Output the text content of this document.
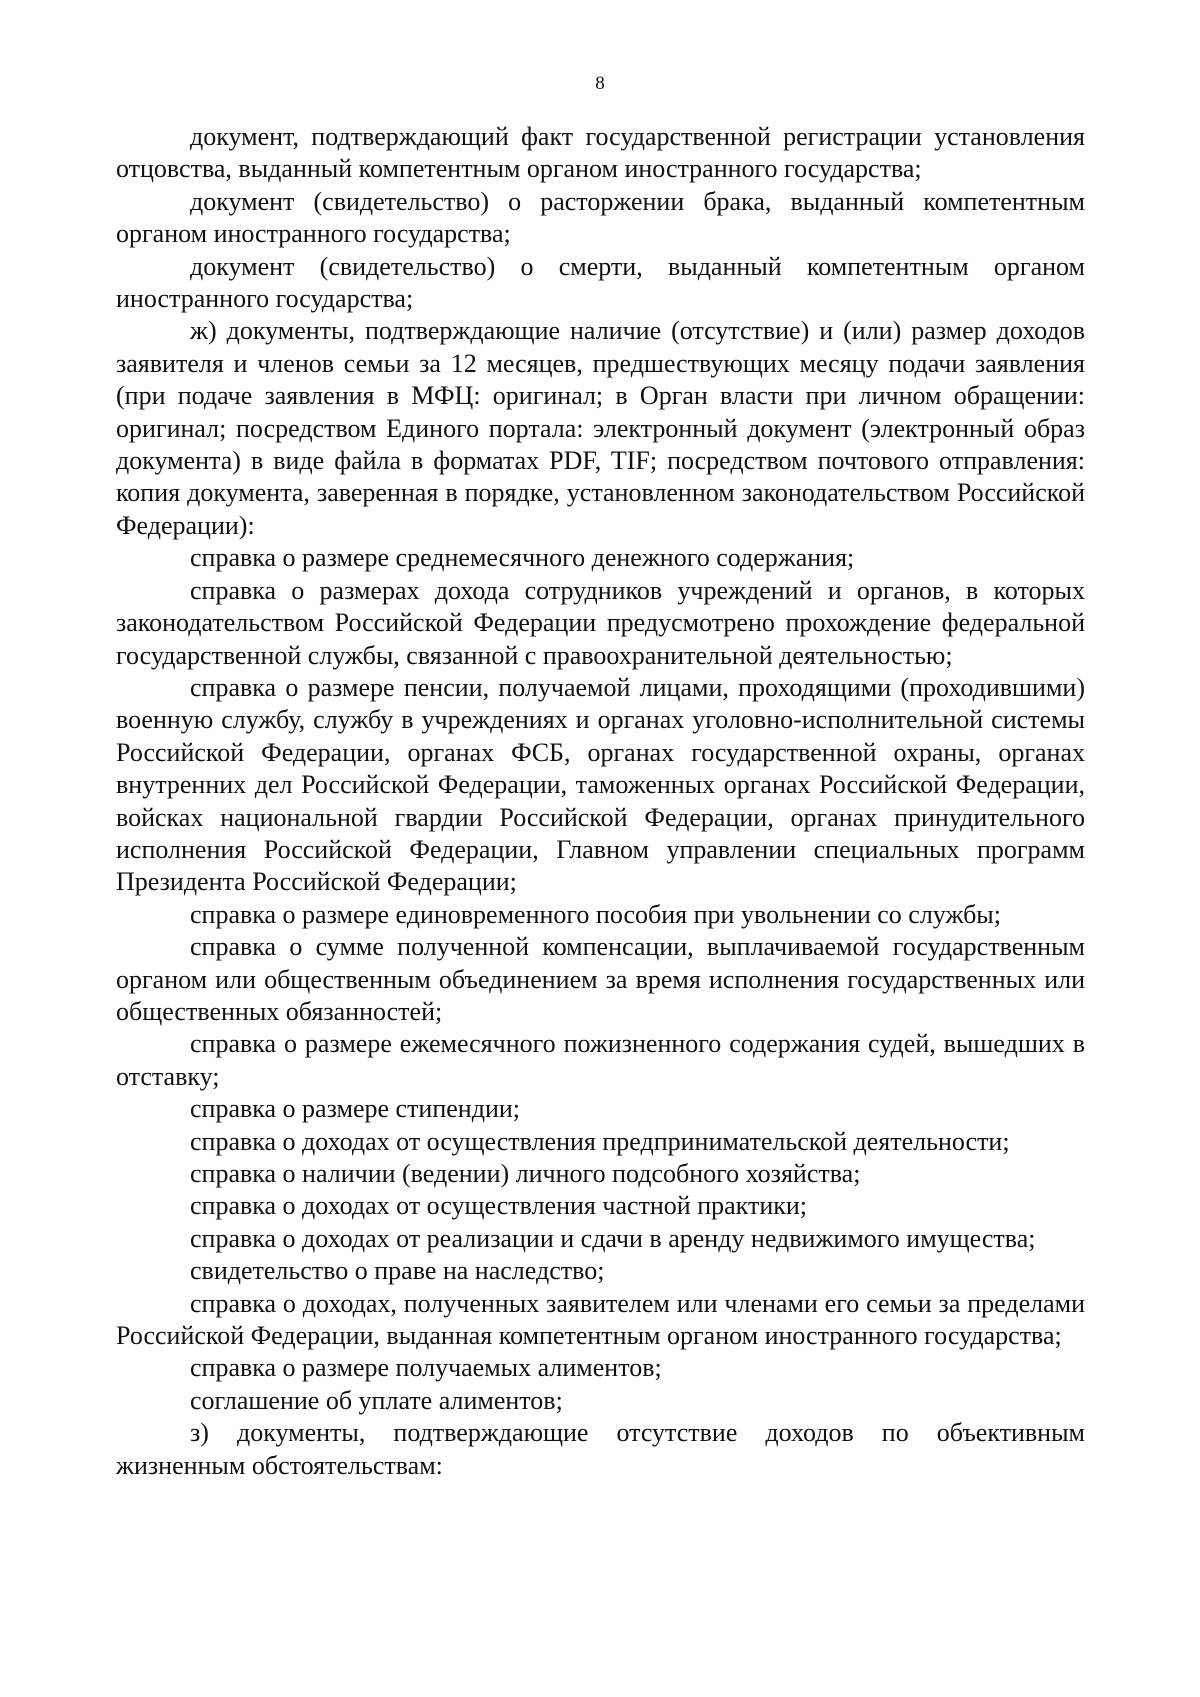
8

документ, подтверждающий факт государственной регистрации установления отцовства, выданный компетентным органом иностранного государства;

документ (свидетельство) о расторжении брака, выданный компетентным органом иностранного государства;

документ (свидетельство) о смерти, выданный компетентным органом иностранного государства;

ж) документы, подтверждающие наличие (отсутствие) и (или) размер доходов заявителя и членов семьи за 12 месяцев, предшествующих месяцу подачи заявления (при подаче заявления в МФЦ: оригинал; в Орган власти при личном обращении: оригинал; посредством Единого портала: электронный документ (электронный образ документа) в виде файла в форматах PDF, TIF; посредством почтового отправления: копия документа, заверенная в порядке, установленном законодательством Российской Федерации):

справка о размере среднемесячного денежного содержания;

справка о размерах дохода сотрудников учреждений и органов, в которых законодательством Российской Федерации предусмотрено прохождение федеральной государственной службы, связанной с правоохранительной деятельностью;

справка о размере пенсии, получаемой лицами, проходящими (проходившими) военную службу, службу в учреждениях и органах уголовно-исполнительной системы Российской Федерации, органах ФСБ, органах государственной охраны, органах внутренних дел Российской Федерации, таможенных органах Российской Федерации, войсках национальной гвардии Российской Федерации, органах принудительного исполнения Российской Федерации, Главном управлении специальных программ Президента Российской Федерации;

справка о размере единовременного пособия при увольнении со службы;

справка о сумме полученной компенсации, выплачиваемой государственным органом или общественным объединением за время исполнения государственных или общественных обязанностей;

справка о размере ежемесячного пожизненного содержания судей, вышедших в отставку;

справка о размере стипендии;

справка о доходах от осуществления предпринимательской деятельности;

справка о наличии (ведении) личного подсобного хозяйства;

справка о доходах от осуществления частной практики;

справка о доходах от реализации и сдачи в аренду недвижимого имущества;

свидетельство о праве на наследство;

справка о доходах, полученных заявителем или членами его семьи за пределами Российской Федерации, выданная компетентным органом иностранного государства;

справка о размере получаемых алиментов;

соглашение об уплате алиментов;

з) документы, подтверждающие отсутствие доходов по объективным жизненным обстоятельствам:
